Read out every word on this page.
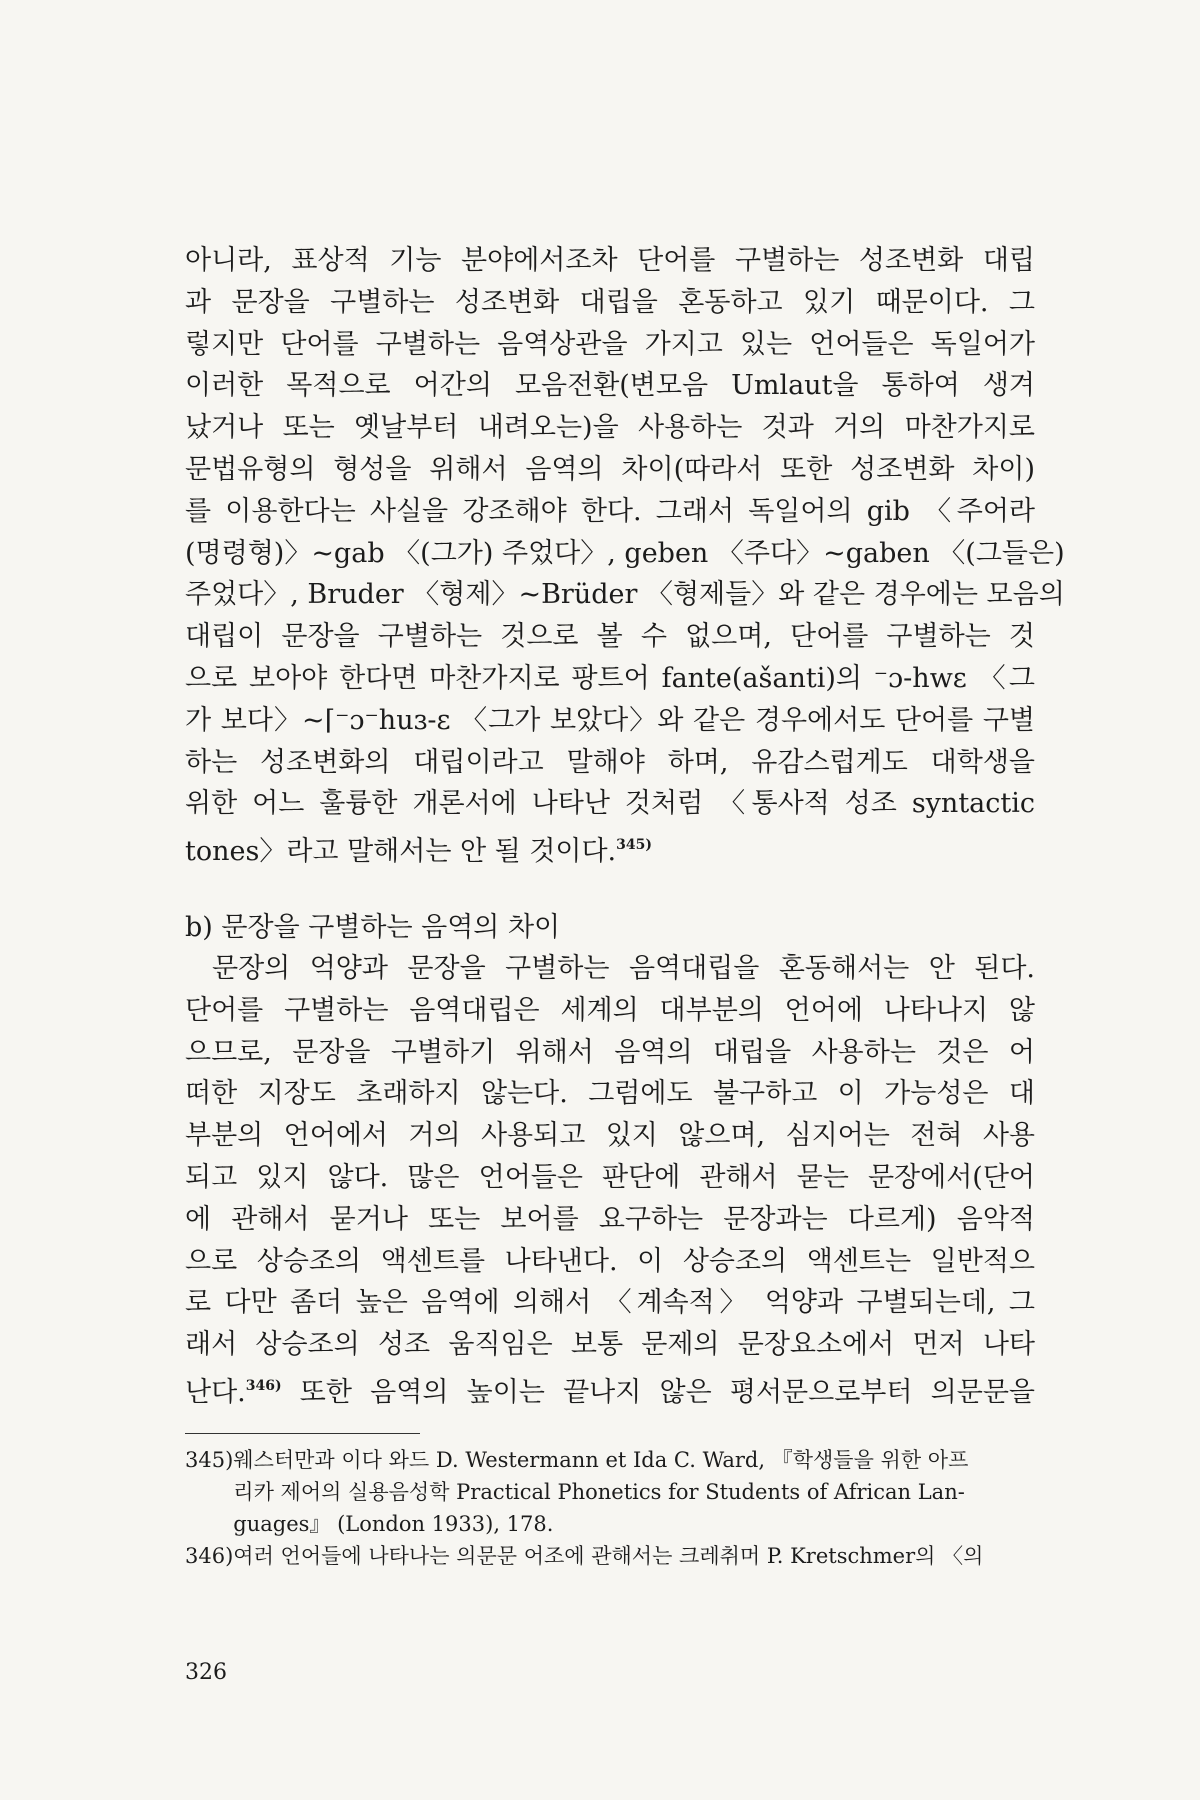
아니라, 표상적 기능 분야에서조차 단어를 구별하는 성조변화 대립
과 문장을 구별하는 성조변화 대립을 혼동하고 있기 때문이다. 그
렇지만 단어를 구별하는 음역상관을 가지고 있는 언어들은 독일어가
이러한 목적으로 어간의 모음전환(변모음 Umlaut을 통하여 생겨
났거나 또는 옛날부터 내려오는)을 사용하는 것과 거의 마찬가지로
문법유형의 형성을 위해서 음역의 차이(따라서 또한 성조변화 차이)
를 이용한다는 사실을 강조해야 한다. 그래서 독일어의 gib 〈주어라
(명령형)〉~gab 〈(그가) 주었다〉, geben 〈주다〉~gaben 〈(그들은)
주었다〉, Bruder 〈형제〉~Brüder 〈형제들〉와 같은 경우에는 모음의
대립이 문장을 구별하는 것으로 볼 수 없으며, 단어를 구별하는 것
으로 보아야 한다면 마찬가지로 팡트어 fante(ašanti)의 ⁻ɔ-hwɛ 〈그
가 보다〉~⌈⁻ɔ⁻huɜ-ɛ 〈그가 보았다〉와 같은 경우에서도 단어를 구별
하는 성조변화의 대립이라고 말해야 하며, 유감스럽게도 대학생을
위한 어느 훌륭한 개론서에 나타난 것처럼 〈통사적 성조 syntactic
tones〉라고 말해서는 안 될 것이다.$^{345)}$
b) 문장을 구별하는 음역의 차이
문장의 억양과 문장을 구별하는 음역대립을 혼동해서는 안 된다.
단어를 구별하는 음역대립은 세계의 대부분의 언어에 나타나지 않
으므로, 문장을 구별하기 위해서 음역의 대립을 사용하는 것은 어
떠한 지장도 초래하지 않는다. 그럼에도 불구하고 이 가능성은 대
부분의 언어에서 거의 사용되고 있지 않으며, 심지어는 전혀 사용
되고 있지 않다. 많은 언어들은 판단에 관해서 묻는 문장에서(단어
에 관해서 묻거나 또는 보어를 요구하는 문장과는 다르게) 음악적
으로 상승조의 액센트를 나타낸다. 이 상승조의 액센트는 일반적으
로 다만 좀더 높은 음역에 의해서 〈계속적〉 억양과 구별되는데, 그
래서 상승조의 성조 움직임은 보통 문제의 문장요소에서 먼저 나타
난다.$^{346)}$ 또한 음역의 높이는 끝나지 않은 평서문으로부터 의문문을
345) 웨스터만과 이다 와드 D. Westermann et Ida C. Ward, 『학생들을 위한 아프
리카 제어의 실용음성학 Practical Phonetics for Students of African Lan-
guages』 (London 1933), 178.
346) 여러 언어들에 나타나는 의문문 어조에 관해서는 크레취머 P. Kretschmer의 〈의
326
